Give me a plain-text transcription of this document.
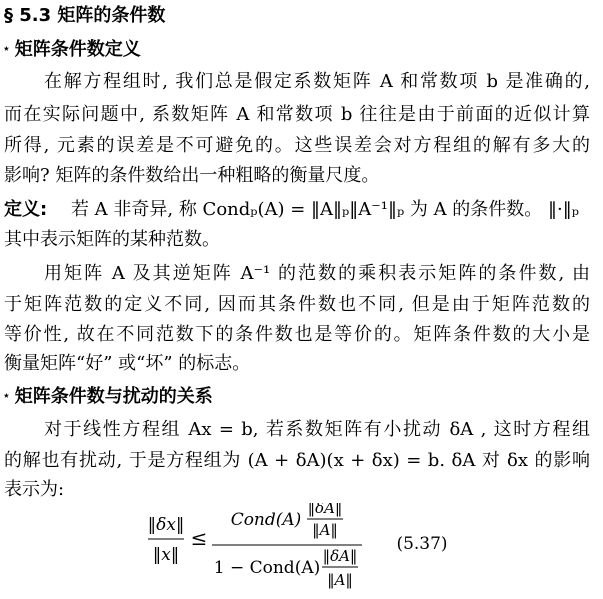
§ 5.3 矩阵的条件数
⋆ 矩阵条件数定义
在解方程组时, 我们总是假定系数矩阵 A 和常数项 b 是准确的,
而在实际问题中, 系数矩阵 A 和常数项 b 往往是由于前面的近似计算
所得, 元素的误差是不可避免的。这些误差会对方程组的解有多大的
影响? 矩阵的条件数给出一种粗略的衡量尺度。
定义: 若 A 非奇异, 称 Condₚ(A) = ‖A‖ₚ‖A⁻¹‖ₚ 为 A 的条件数。 ‖·‖ₚ
其中表示矩阵的某种范数。
用矩阵 A 及其逆矩阵 A⁻¹ 的范数的乘积表示矩阵的条件数, 由
于矩阵范数的定义不同, 因而其条件数也不同, 但是由于矩阵范数的
等价性, 故在不同范数下的条件数也是等价的。矩阵条件数的大小是
衡量矩阵“好” 或“坏” 的标志。
⋆ 矩阵条件数与扰动的关系
对于线性方程组 Ax = b, 若系数矩阵有小扰动 δA , 这时方程组
的解也有扰动, 于是方程组为 (A + δA)(x + δx) = b. δA 对 δx 的影响
表示为:
‖δx‖
‖x‖
≤
Cond(A)
‖δA‖
‖A‖
1 − Cond(A)
‖δA‖
‖A‖
(5.37)
